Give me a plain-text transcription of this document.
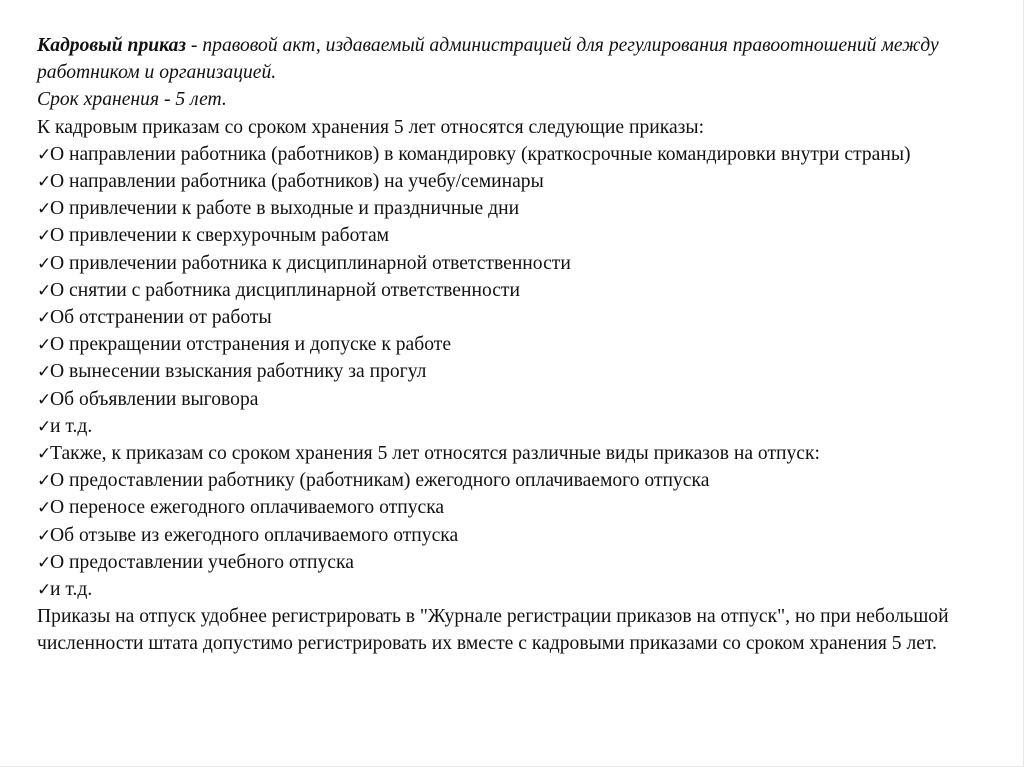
Кадровый приказ - правовой акт, издаваемый администрацией для регулирования правоотношений между работником и организацией.

Срок хранения - 5 лет.

К кадровым приказам со сроком хранения 5 лет относятся следующие приказы:

✓О направлении работника (работников) в командировку (краткосрочные командировки внутри страны)

✓О направлении работника (работников) на учебу/семинары

✓О привлечении к работе в выходные и праздничные дни

✓О привлечении к сверхурочным работам

✓О привлечении работника к дисциплинарной ответственности

✓О снятии с работника дисциплинарной ответственности

✓Об отстранении от работы

✓О прекращении отстранения и допуске к работе

✓О вынесении взыскания работнику за прогул

✓Об объявлении выговора

✓и т.д.

✓Также, к приказам со сроком хранения 5 лет относятся различные виды приказов на отпуск:

✓О предоставлении работнику (работникам) ежегодного оплачиваемого отпуска

✓О переносе ежегодного оплачиваемого отпуска

✓Об отзыве из ежегодного оплачиваемого отпуска

✓О предоставлении учебного отпуска

✓и т.д.

Приказы на отпуск удобнее регистрировать в "Журнале регистрации приказов на отпуск", но при небольшой численности штата допустимо регистрировать их вместе с кадровыми приказами со сроком хранения 5 лет.
